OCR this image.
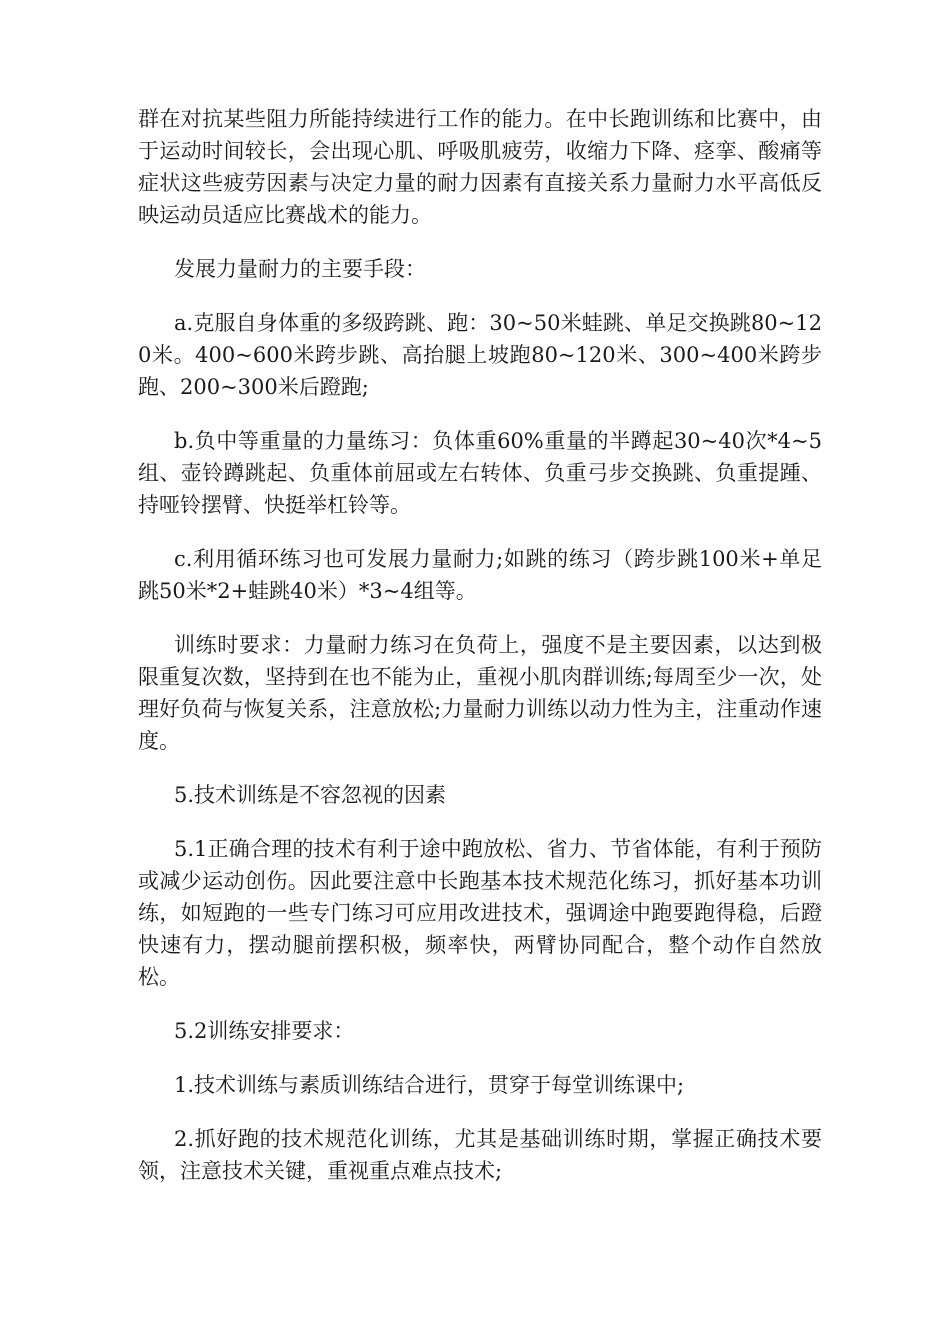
群在对抗某些阻力所能持续进行工作的能力。在中长跑训练和比赛中，由于运动时间较长，会出现心肌、呼吸肌疲劳，收缩力下降、痉挛、酸痛等症状这些疲劳因素与决定力量的耐力因素有直接关系力量耐力水平高低反映运动员适应比赛战术的能力。

发展力量耐力的主要手段：

a.克服自身体重的多级跨跳、跑：30~50米蛙跳、单足交换跳80~120米。400~600米跨步跳、高抬腿上坡跑80~120米、300~400米跨步跑、200~300米后蹬跑;

b.负中等重量的力量练习：负体重60%重量的半蹲起30~40次*4~5组、壶铃蹲跳起、负重体前屈或左右转体、负重弓步交换跳、负重提踵、持哑铃摆臂、快挺举杠铃等。

c.利用循环练习也可发展力量耐力;如跳的练习（跨步跳100米+单足跳50米*2+蛙跳40米）*3~4组等。

训练时要求：力量耐力练习在负荷上，强度不是主要因素，以达到极限重复次数，坚持到在也不能为止，重视小肌肉群训练;每周至少一次，处理好负荷与恢复关系，注意放松;力量耐力训练以动力性为主，注重动作速度。

5.技术训练是不容忽视的因素

5.1正确合理的技术有利于途中跑放松、省力、节省体能，有利于预防或减少运动创伤。因此要注意中长跑基本技术规范化练习，抓好基本功训练，如短跑的一些专门练习可应用改进技术，强调途中跑要跑得稳，后蹬快速有力，摆动腿前摆积极，频率快，两臂协同配合，整个动作自然放松。

5.2训练安排要求：

1.技术训练与素质训练结合进行，贯穿于每堂训练课中;

2.抓好跑的技术规范化训练，尤其是基础训练时期，掌握正确技术要领，注意技术关键，重视重点难点技术;
